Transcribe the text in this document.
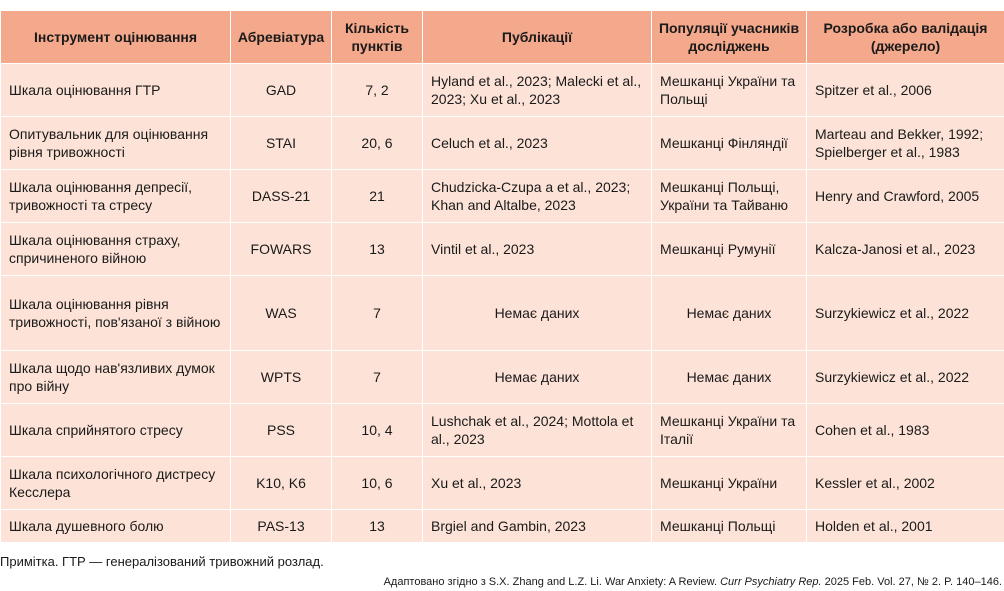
Інструмент оцінювання	Абревіатура	Кількість пунктів	Публікації	Популяції учасників досліджень	Розробка або валідація (джерело)
Шкала оцінювання ГТР	GAD	7, 2	Hyland et al., 2023; Malecki et al., 2023; Xu et al., 2023	Мешканці України та Польщі	Spitzer et al., 2006
Опитувальник для оцінювання рівня тривожності	STAI	20, 6	Celuch et al., 2023	Мешканці Фінляндії	Marteau and Bekker, 1992; Spielberger et al., 1983
Шкала оцінювання депресії, тривожності та стресу	DASS-21	21	Chudzicka-Czupa a et al., 2023; Khan and Altalbe, 2023	Мешканці Польщі, України та Тайваню	Henry and Crawford, 2005
Шкала оцінювання страху, спричиненого війною	FOWARS	13	Vintil et al., 2023	Мешканці Румунії	Kalcza-Janosi et al., 2023
Шкала оцінювання рівня тривожності, пов'язаної з війною	WAS	7	Немає даних	Немає даних	Surzykiewicz et al., 2022
Шкала щодо нав'язливих думок про війну	WPTS	7	Немає даних	Немає даних	Surzykiewicz et al., 2022
Шкала сприйнятого стресу	PSS	10, 4	Lushchak et al., 2024; Mottola et al., 2023	Мешканці України та Італії	Cohen et al., 1983
Шкала психологічного дистресу Кесслера	K10, K6	10, 6	Xu et al., 2023	Мешканці України	Kessler et al., 2002
Шкала душевного болю	PAS-13	13	Brgiel and Gambin, 2023	Мешканці Польщі	Holden et al., 2001
Примітка. ГТР — генералізований тривожний розлад.
Адаптовано згідно з S.X. Zhang and L.Z. Li. War Anxiety: A Review. Curr Psychiatry Rep. 2025 Feb. Vol. 27, № 2. P. 140–146.
